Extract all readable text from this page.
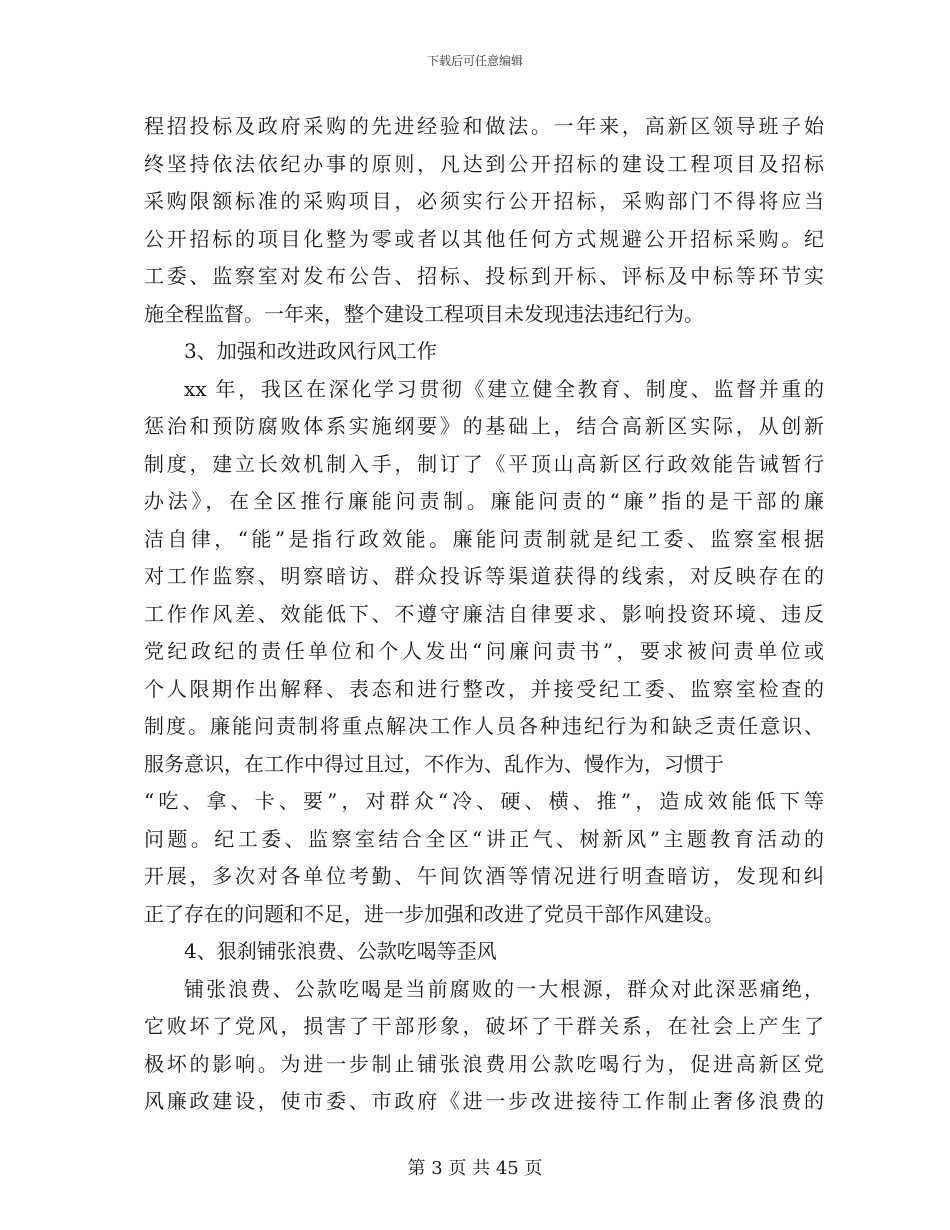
下载后可任意编辑
程招投标及政府采购的先进经验和做法。一年来，高新区领导班子始
终坚持依法依纪办事的原则，凡达到公开招标的建设工程项目及招标
采购限额标准的采购项目，必须实行公开招标，采购部门不得将应当
公开招标的项目化整为零或者以其他任何方式规避公开招标采购。纪
工委、监察室对发布公告、招标、投标到开标、评标及中标等环节实
施全程监督。一年来，整个建设工程项目未发现违法违纪行为。
3、加强和改进政风行风工作
xx 年，我区在深化学习贯彻《建立健全教育、制度、监督并重的
惩治和预防腐败体系实施纲要》的基础上，结合高新区实际，从创新
制度，建立长效机制入手，制订了《平顶山高新区行政效能告诫暂行
办法》，在全区推行廉能问责制。廉能问责的“廉”指的是干部的廉
洁自律，“能”是指行政效能。廉能问责制就是纪工委、监察室根据
对工作监察、明察暗访、群众投诉等渠道获得的线索，对反映存在的
工作作风差、效能低下、不遵守廉洁自律要求、影响投资环境、违反
党纪政纪的责任单位和个人发出“问廉问责书”，要求被问责单位或
个人限期作出解释、表态和进行整改，并接受纪工委、监察室检查的
制度。廉能问责制将重点解决工作人员各种违纪行为和缺乏责任意识、
服务意识，在工作中得过且过，不作为、乱作为、慢作为，习惯于
“吃、拿、卡、要”，对群众“冷、硬、横、推”，造成效能低下等
问题。纪工委、监察室结合全区“讲正气、树新风”主题教育活动的
开展，多次对各单位考勤、午间饮酒等情况进行明查暗访，发现和纠
正了存在的问题和不足，进一步加强和改进了党员干部作风建设。
4、狠刹铺张浪费、公款吃喝等歪风
铺张浪费、公款吃喝是当前腐败的一大根源，群众对此深恶痛绝，
它败坏了党风，损害了干部形象，破坏了干群关系，在社会上产生了
极坏的影响。为进一步制止铺张浪费用公款吃喝行为，促进高新区党
风廉政建设，使市委、市政府《进一步改进接待工作制止奢侈浪费的
第 3 页 共 45 页
